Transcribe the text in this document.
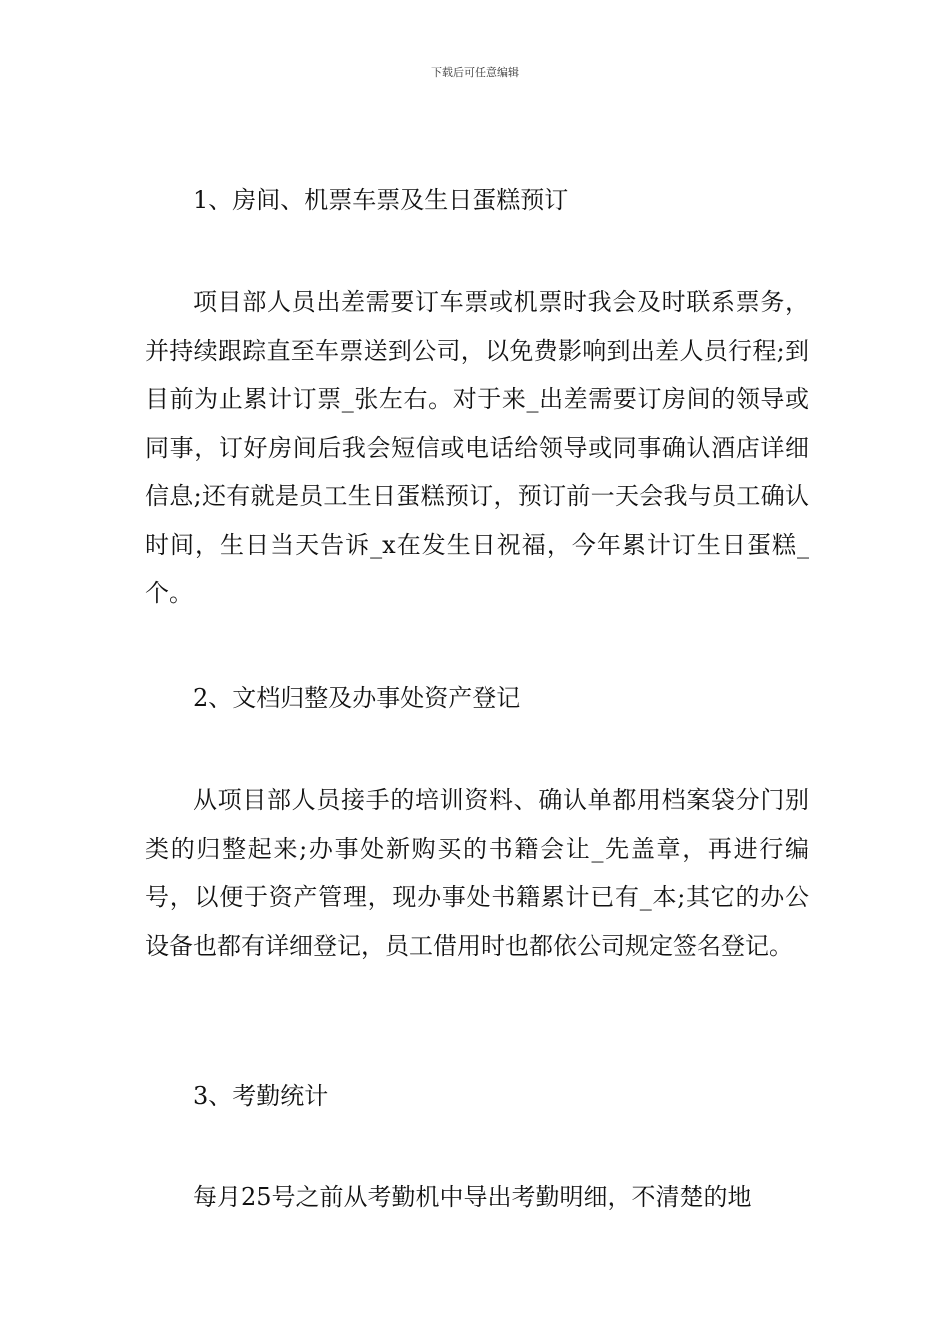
下载后可任意编辑
1、房间、机票车票及生日蛋糕预订
项目部人员出差需要订车票或机票时我会及时联系票务，并持续跟踪直至车票送到公司，以免费影响到出差人员行程;到目前为止累计订票_张左右。对于来_出差需要订房间的领导或同事，订好房间后我会短信或电话给领导或同事确认酒店详细信息;还有就是员工生日蛋糕预订，预订前一天会我与员工确认时间，生日当天告诉_x在发生日祝福，今年累计订生日蛋糕_个。
2、文档归整及办事处资产登记
从项目部人员接手的培训资料、确认单都用档案袋分门别类的归整起来;办事处新购买的书籍会让_先盖章，再进行编号，以便于资产管理，现办事处书籍累计已有_本;其它的办公设备也都有详细登记，员工借用时也都依公司规定签名登记。
3、考勤统计
每月25号之前从考勤机中导出考勤明细，不清楚的地
